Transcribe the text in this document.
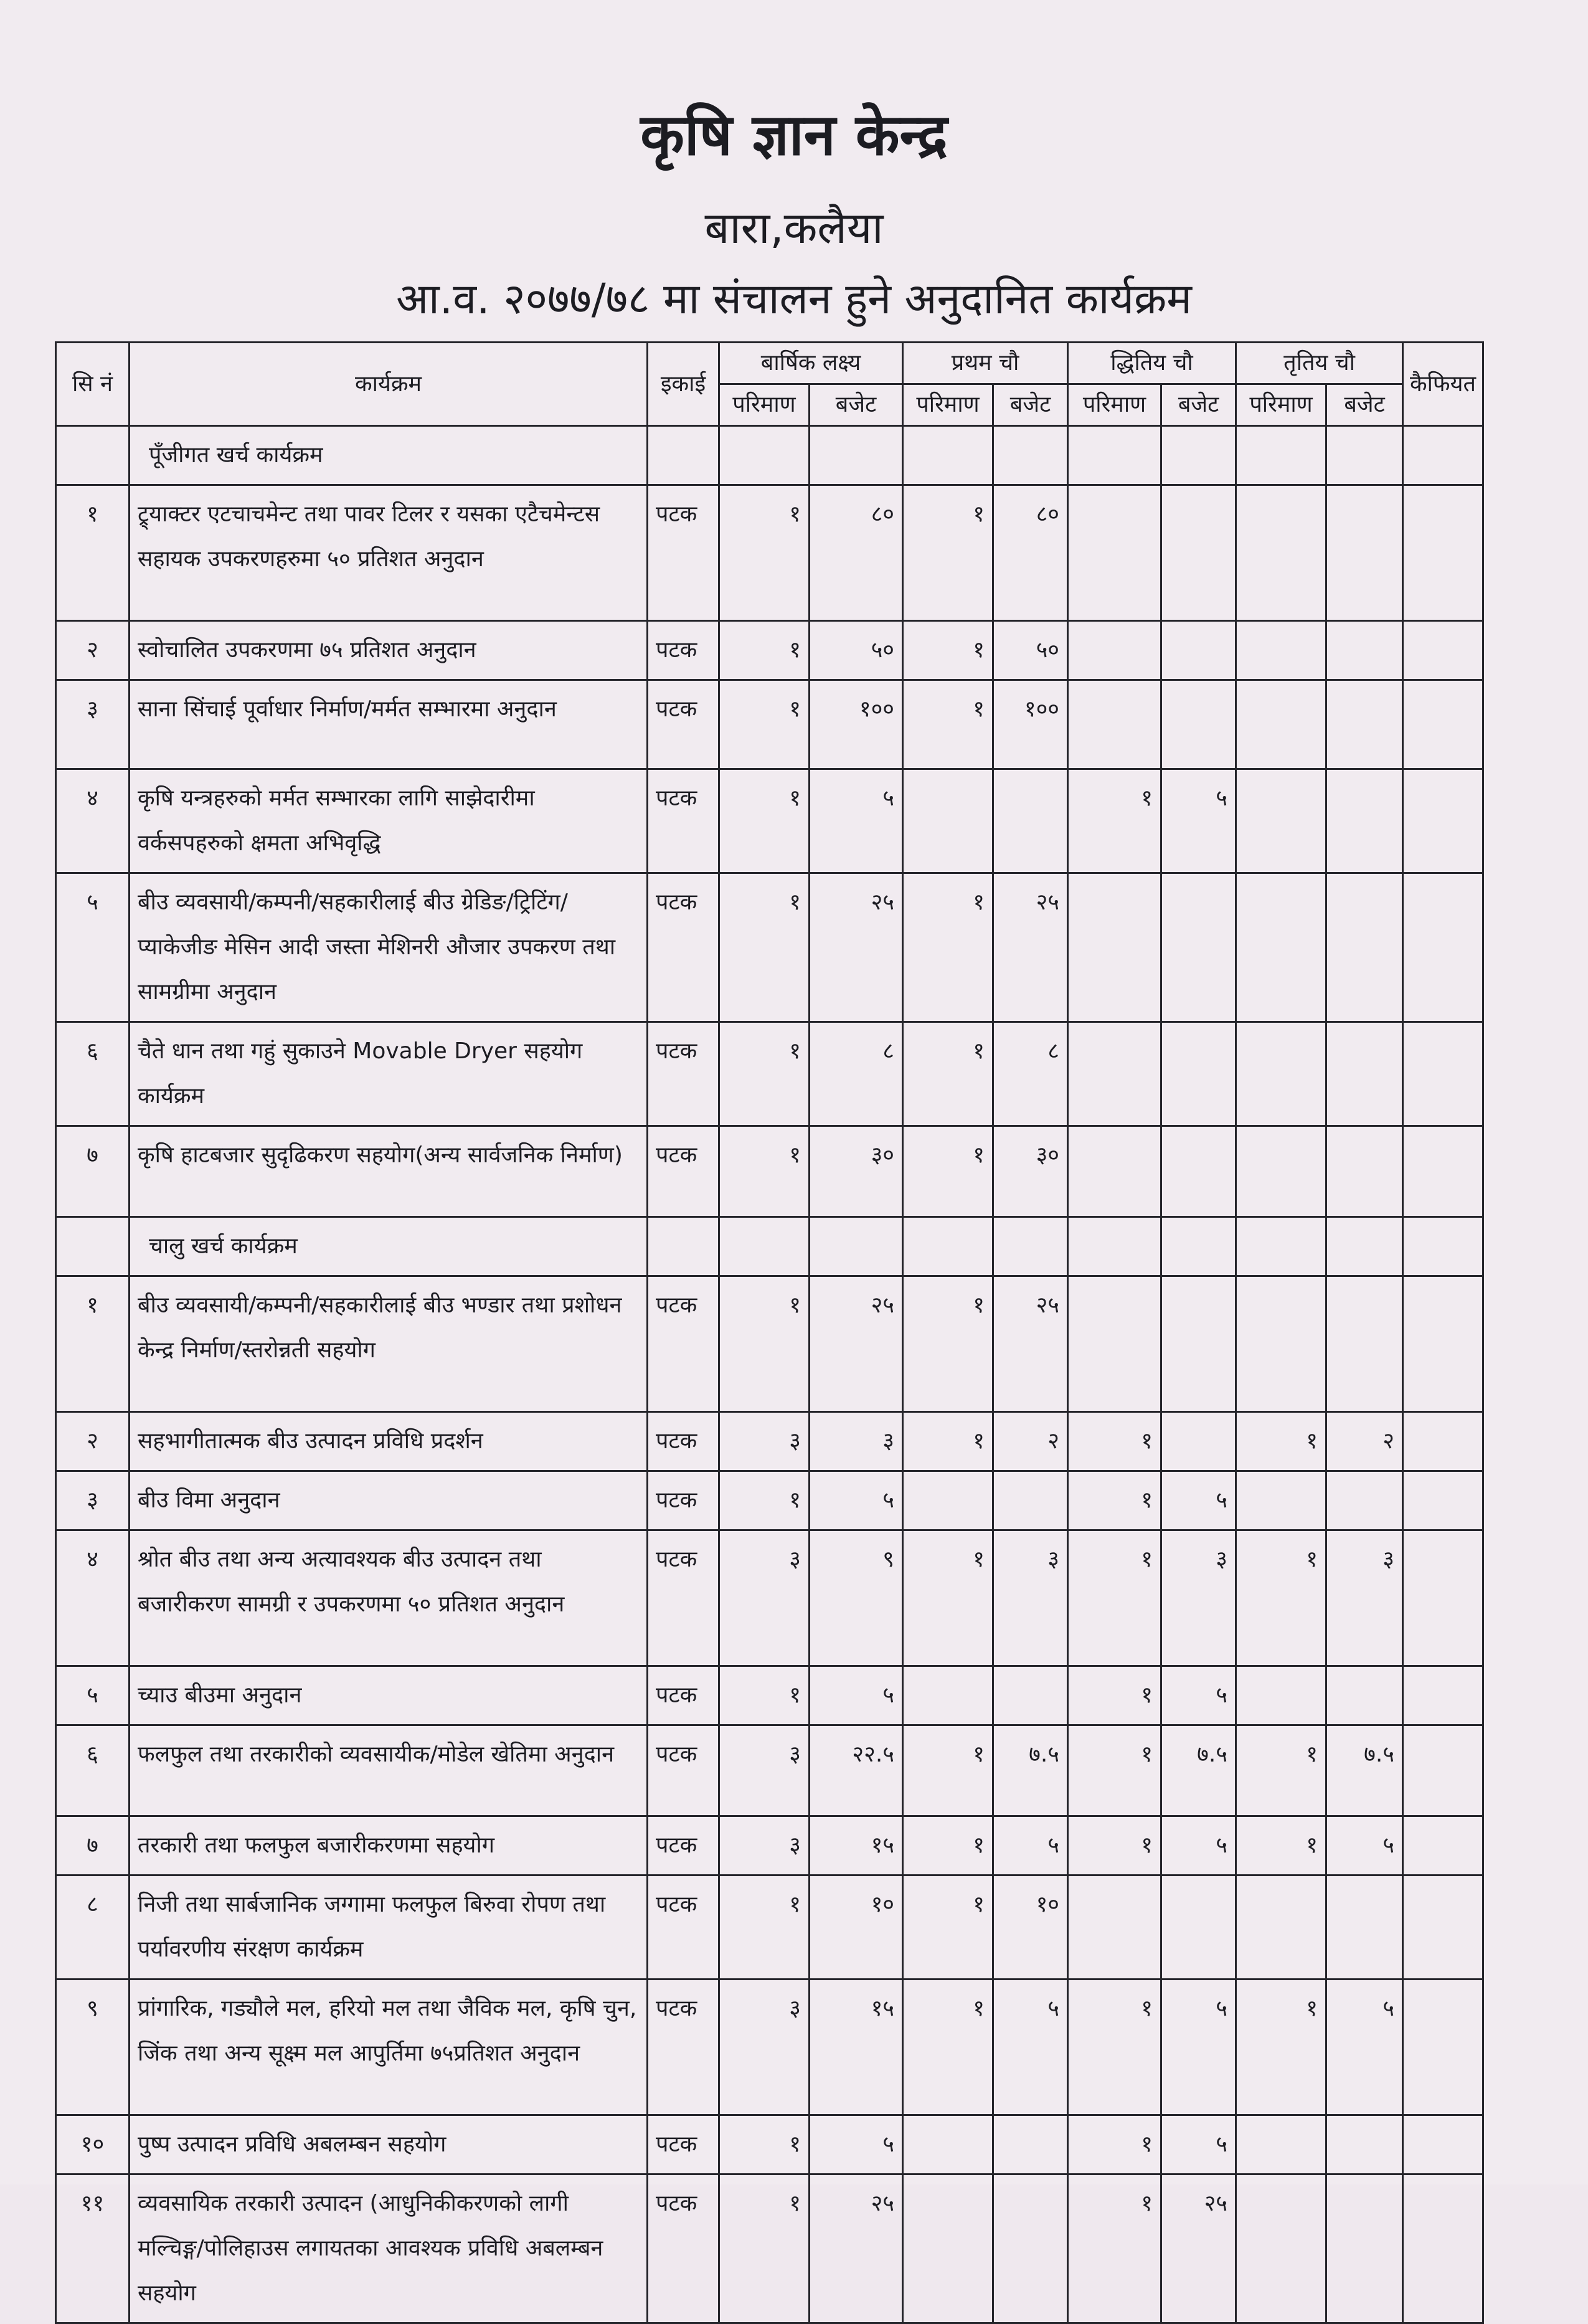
कृषि ज्ञान केन्द्र
बारा,कलैया
आ.व. २०७७/७८ मा संचालन हुने अनुदानित कार्यक्रम
सि नं	कार्यक्रम	इकाई	बार्षिक लक्ष्य		प्रथम चौ		द्धितिय चौ		तृतिय चौ		कैफियत
			परिमाण	बजेट	परिमाण	बजेट	परिमाण	बजेट	परिमाण	बजेट	
	पूँजीगत खर्च कार्यक्रम										
१	ट्र्याक्टर एटचाचमेन्ट तथा पावर टिलर र यसका एटैचमेन्टस सहायक उपकरणहरुमा ५० प्रतिशत अनुदान	पटक	१	८०	१	८०					
२	स्वोचालित उपकरणमा ७५ प्रतिशत अनुदान	पटक	१	५०	१	५०					
३	साना सिंचाई पूर्वाधार निर्माण/मर्मत सम्भारमा अनुदान	पटक	१	१००	१	१००					
४	कृषि यन्त्रहरुको मर्मत सम्भारका लागि साझेदारीमा वर्कसपहरुको क्षमता अभिवृद्धि	पटक	१	५			१	५			
५	बीउ व्यवसायी/कम्पनी/सहकारीलाई बीउ ग्रेडिङ/ट्रिटिंग/प्याकेजीङ मेसिन आदी जस्ता मेशिनरी औजार उपकरण तथा सामग्रीमा अनुदान	पटक	१	२५	१	२५					
६	चैते धान तथा गहुं सुकाउने Movable Dryer सहयोग कार्यक्रम	पटक	१	८	१	८					
७	कृषि हाटबजार सुदृढिकरण सहयोग(अन्य सार्वजनिक निर्माण)	पटक	१	३०	१	३०					
	चालु खर्च कार्यक्रम										
१	बीउ व्यवसायी/कम्पनी/सहकारीलाई बीउ भण्डार तथा प्रशोधन केन्द्र निर्माण/स्तरोन्नती सहयोग	पटक	१	२५	१	२५					
२	सहभागीतात्मक बीउ उत्पादन प्रविधि प्रदर्शन	पटक	३	३	१	२	१		१	२	
३	बीउ विमा अनुदान	पटक	१	५			१	५			
४	श्रोत बीउ तथा अन्य अत्यावश्यक बीउ उत्पादन तथा बजारीकरण सामग्री र उपकरणमा ५० प्रतिशत अनुदान	पटक	३	९	१	३	१	३	१	३	
५	च्याउ बीउमा अनुदान	पटक	१	५			१	५			
६	फलफुल तथा तरकारीको व्यवसायीक/मोडेल खेतिमा अनुदान	पटक	३	२२.५	१	७.५	१	७.५	१	७.५	
७	तरकारी तथा फलफुल बजारीकरणमा सहयोग	पटक	३	१५	१	५	१	५	१	५	
८	निजी तथा सार्बजानिक जग्गामा फलफुल बिरुवा रोपण तथा पर्यावरणीय संरक्षण कार्यक्रम	पटक	१	१०	१	१०					
९	प्रांगारिक, गड्यौले मल, हरियो मल तथा जैविक मल, कृषि चुन, जिंक तथा अन्य सूक्ष्म मल आपुर्तिमा ७५प्रतिशत अनुदान	पटक	३	१५	१	५	१	५	१	५	
१०	पुष्प उत्पादन प्रविधि अबलम्बन सहयोग	पटक	१	५			१	५			
११	व्यवसायिक तरकारी उत्पादन (आधुनिकीकरणको लागी मल्चिङ्ग/पोलिहाउस लगायतका आवश्यक प्रविधि अबलम्बन सहयोग	पटक	१	२५			१	२५			
